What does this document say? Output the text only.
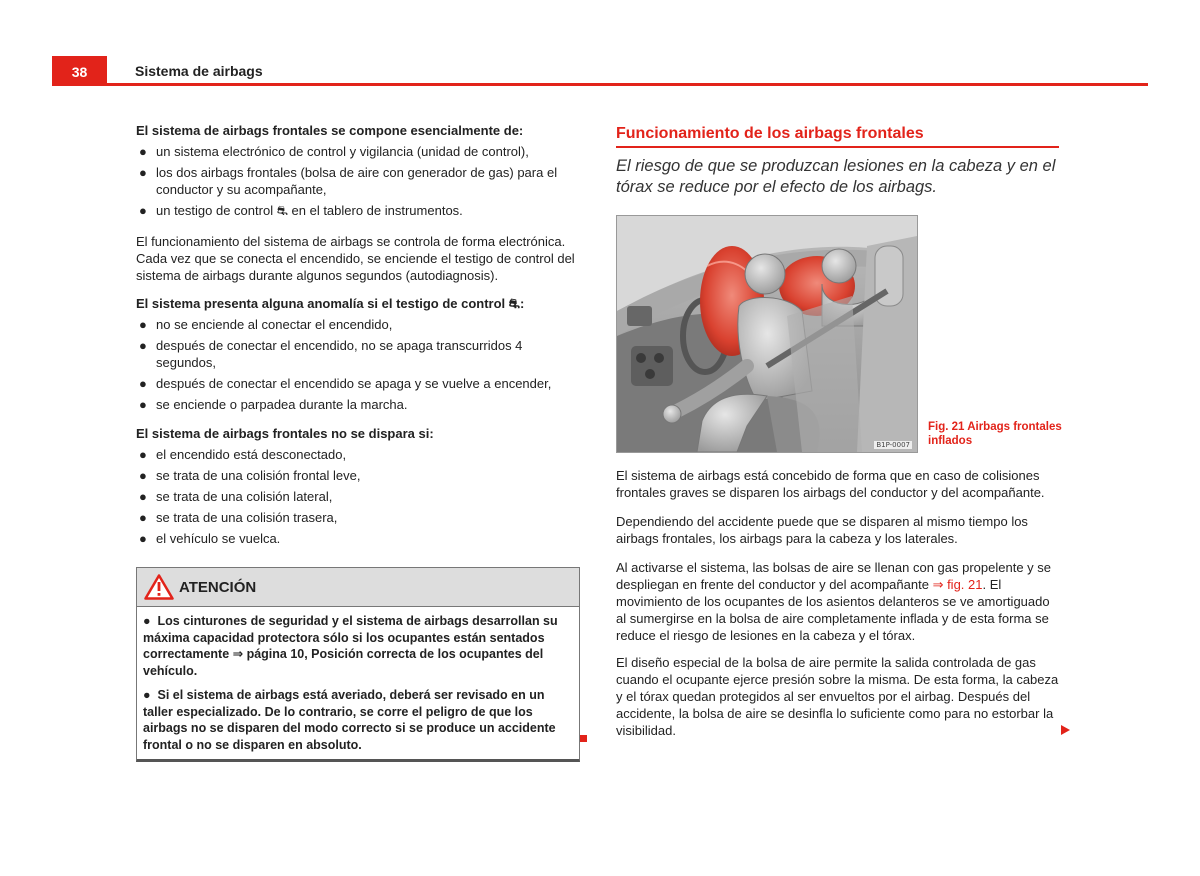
38	Sistema de airbags

El sistema de airbags frontales se compone esencialmente de:

● un sistema electrónico de control y vigilancia (unidad de control),
● los dos airbags frontales (bolsa de aire con generador de gas) para el conductor y su acompañante,
● un testigo de control ⛐ en el tablero de instrumentos.

El funcionamiento del sistema de airbags se controla de forma electrónica. Cada vez que se conecta el encendido, se enciende el testigo de control del sistema de airbags durante algunos segundos (autodiagnosis).

El sistema presenta alguna anomalía si el testigo de control ⛐:

● no se enciende al conectar el encendido,
● después de conectar el encendido, no se apaga transcurridos 4 segundos,
● después de conectar el encendido se apaga y se vuelve a encender,
● se enciende o parpadea durante la marcha.

El sistema de airbags frontales no se dispara si:

● el encendido está desconectado,
● se trata de una colisión frontal leve,
● se trata de una colisión lateral,
● se trata de una colisión trasera,
● el vehículo se vuelca.
ATENCIÓN

●  Los cinturones de seguridad y el sistema de airbags desarrollan su máxima capacidad protectora sólo si los ocupantes están sentados correctamente ⇒ página 10, Posición correcta de los ocupantes del vehículo.

●  Si el sistema de airbags está averiado, deberá ser revisado en un taller especializado. De lo contrario, se corre el peligro de que los airbags no se disparen del modo correcto si se produce un accidente frontal o no se disparen en absoluto.

Funcionamiento de los airbags frontales
El riesgo de que se produzcan lesiones en la cabeza y en el tórax se reduce por el efecto de los airbags.
B1P-0007
Fig. 21 Airbags frontales inflados

El sistema de airbags está concebido de forma que en caso de colisiones frontales graves se disparen los airbags del conductor y del acompañante.

Dependiendo del accidente puede que se disparen al mismo tiempo los airbags frontales, los airbags para la cabeza y los laterales.

Al activarse el sistema, las bolsas de aire se llenan con gas propelente y se despliegan en frente del conductor y del acompañante ⇒ fig. 21. El movimiento de los ocupantes de los asientos delanteros se ve amortiguado al sumergirse en la bolsa de aire completamente inflada y de esta forma se reduce el riesgo de lesiones en la cabeza y el tórax.

El diseño especial de la bolsa de aire permite la salida controlada de gas cuando el ocupante ejerce presión sobre la misma. De esta forma, la cabeza y el tórax quedan protegidos al ser envueltos por el airbag. Después del accidente, la bolsa de aire se desinfla lo suficiente como para no estorbar la visibilidad.
